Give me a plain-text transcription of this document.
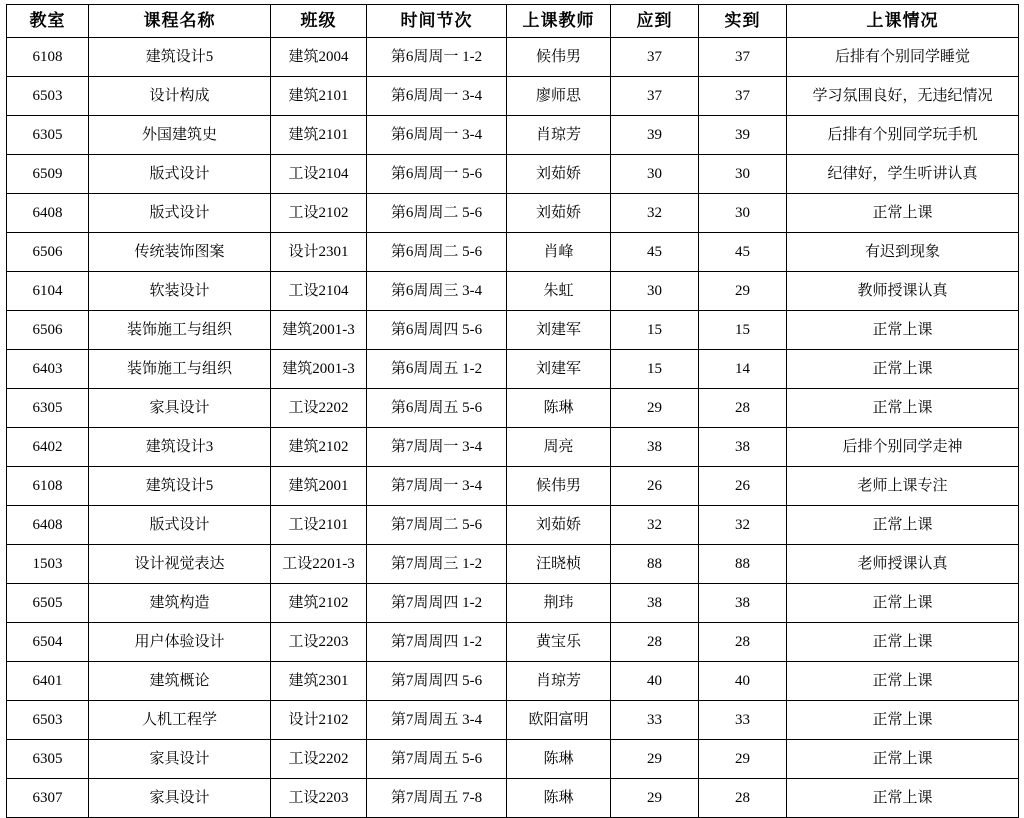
教室	课程名称	班级	时间节次	上课教师	应到	实到	上课情况
6108	建筑设计5	建筑2004	第6周周一 1-2	候伟男	37	37	后排有个别同学睡觉
6503	设计构成	建筑2101	第6周周一 3-4	廖师思	37	37	学习氛围良好，无违纪情况
6305	外国建筑史	建筑2101	第6周周一 3-4	肖琼芳	39	39	后排有个别同学玩手机
6509	版式设计	工设2104	第6周周一 5-6	刘茹娇	30	30	纪律好，学生听讲认真
6408	版式设计	工设2102	第6周周二 5-6	刘茹娇	32	30	正常上课
6506	传统装饰图案	设计2301	第6周周二 5-6	肖峰	45	45	有迟到现象
6104	软装设计	工设2104	第6周周三 3-4	朱虹	30	29	教师授课认真
6506	装饰施工与组织	建筑2001-3	第6周周四 5-6	刘建军	15	15	正常上课
6403	装饰施工与组织	建筑2001-3	第6周周五 1-2	刘建军	15	14	正常上课
6305	家具设计	工设2202	第6周周五 5-6	陈琳	29	28	正常上课
6402	建筑设计3	建筑2102	第7周周一 3-4	周亮	38	38	后排个别同学走神
6108	建筑设计5	建筑2001	第7周周一 3-4	候伟男	26	26	老师上课专注
6408	版式设计	工设2101	第7周周二 5-6	刘茹娇	32	32	正常上课
1503	设计视觉表达	工设2201-3	第7周周三 1-2	汪晓桢	88	88	老师授课认真
6505	建筑构造	建筑2102	第7周周四 1-2	荆玮	38	38	正常上课
6504	用户体验设计	工设2203	第7周周四 1-2	黄宝乐	28	28	正常上课
6401	建筑概论	建筑2301	第7周周四 5-6	肖琼芳	40	40	正常上课
6503	人机工程学	设计2102	第7周周五 3-4	欧阳富明	33	33	正常上课
6305	家具设计	工设2202	第7周周五 5-6	陈琳	29	29	正常上课
6307	家具设计	工设2203	第7周周五 7-8	陈琳	29	28	正常上课
